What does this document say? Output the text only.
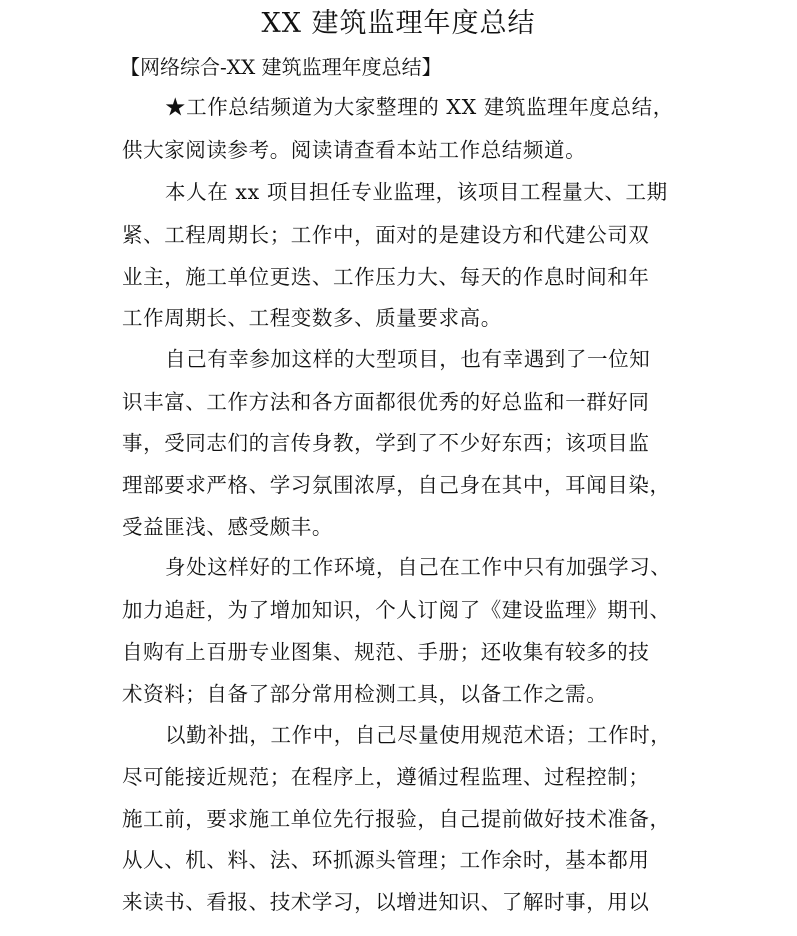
XX 建筑监理年度总结

【网络综合-XX 建筑监理年度总结】

★工作总结频道为大家整理的 XX 建筑监理年度总结，

供大家阅读参考。阅读请查看本站工作总结频道。

本人在 xx 项目担任专业监理，该项目工程量大、工期

紧、工程周期长；工作中，面对的是建设方和代建公司双

业主，施工单位更迭、工作压力大、每天的作息时间和年

工作周期长、工程变数多、质量要求高。

自己有幸参加这样的大型项目，也有幸遇到了一位知

识丰富、工作方法和各方面都很优秀的好总监和一群好同

事，受同志们的言传身教，学到了不少好东西；该项目监

理部要求严格、学习氛围浓厚，自己身在其中，耳闻目染，

受益匪浅、感受颇丰。

身处这样好的工作环境，自己在工作中只有加强学习、

加力追赶，为了增加知识，个人订阅了《建设监理》期刊、

自购有上百册专业图集、规范、手册；还收集有较多的技

术资料；自备了部分常用检测工具，以备工作之需。

以勤补拙，工作中，自己尽量使用规范术语；工作时，

尽可能接近规范；在程序上，遵循过程监理、过程控制；

施工前，要求施工单位先行报验，自己提前做好技术准备，

从人、机、料、法、环抓源头管理；工作余时，基本都用

来读书、看报、技术学习，以增进知识、了解时事，用以
